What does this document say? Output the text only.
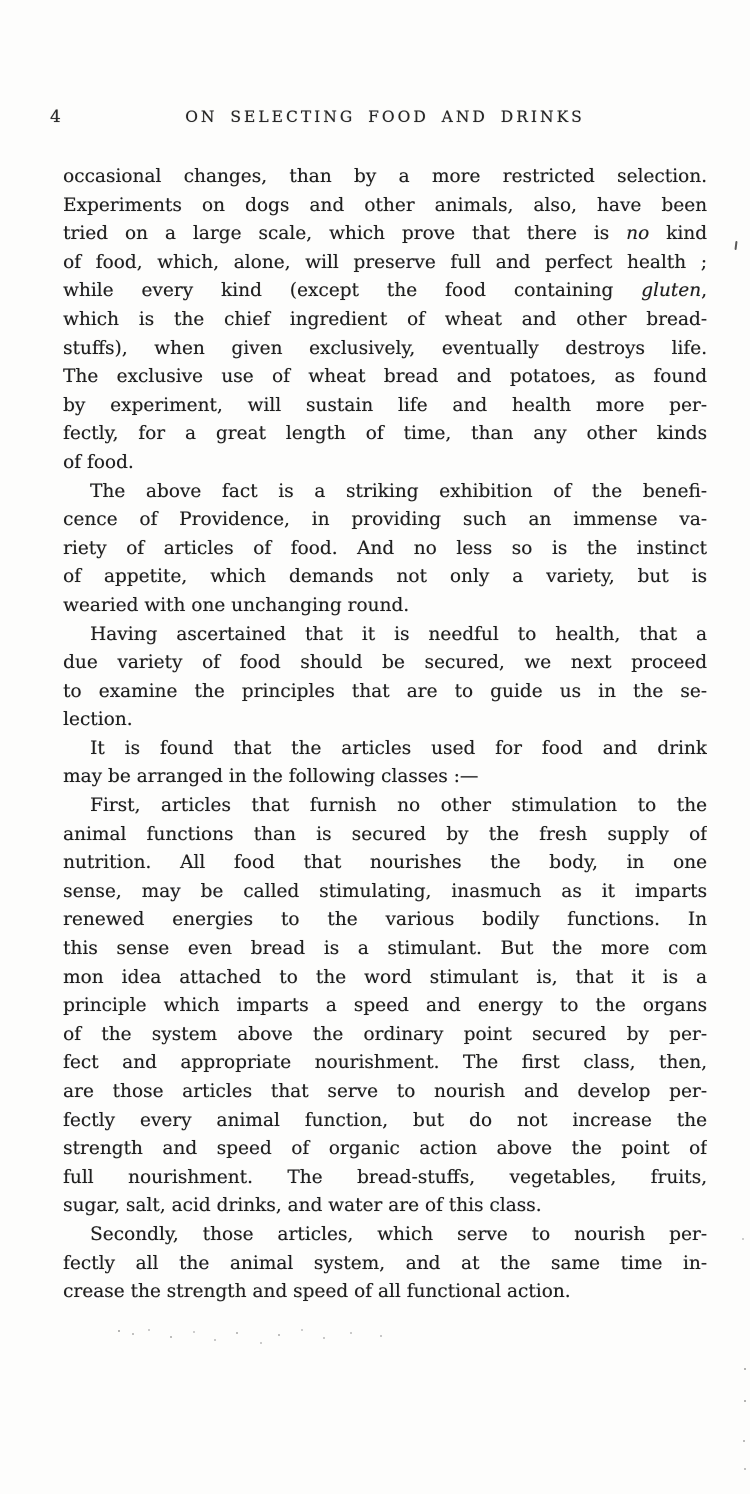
4	ON SELECTING FOOD AND DRINKS
occasional changes, than by a more restricted selection.
Experiments on dogs and other animals, also, have been
tried on a large scale, which prove that there is no kind
of food, which, alone, will preserve full and perfect health ;
while every kind (except the food containing gluten,
which is the chief ingredient of wheat and other bread-
stuffs), when given exclusively, eventually destroys life.
The exclusive use of wheat bread and potatoes, as found
by experiment, will sustain life and health more per-
fectly, for a great length of time, than any other kinds
of food.
The above fact is a striking exhibition of the benefi-
cence of Providence, in providing such an immense va-
riety of articles of food. And no less so is the instinct
of appetite, which demands not only a variety, but is
wearied with one unchanging round.
Having ascertained that it is needful to health, that a
due variety of food should be secured, we next proceed
to examine the principles that are to guide us in the se-
lection.
It is found that the articles used for food and drink
may be arranged in the following classes :—
First, articles that furnish no other stimulation to the
animal functions than is secured by the fresh supply of
nutrition. All food that nourishes the body, in one
sense, may be called stimulating, inasmuch as it imparts
renewed energies to the various bodily functions. In
this sense even bread is a stimulant. But the more com
mon idea attached to the word stimulant is, that it is a
principle which imparts a speed and energy to the organs
of the system above the ordinary point secured by per-
fect and appropriate nourishment. The first class, then,
are those articles that serve to nourish and develop per-
fectly every animal function, but do not increase the
strength and speed of organic action above the point of
full nourishment. The bread-stuffs, vegetables, fruits,
sugar, salt, acid drinks, and water are of this class.
Secondly, those articles, which serve to nourish per-
fectly all the animal system, and at the same time in-
crease the strength and speed of all functional action.
